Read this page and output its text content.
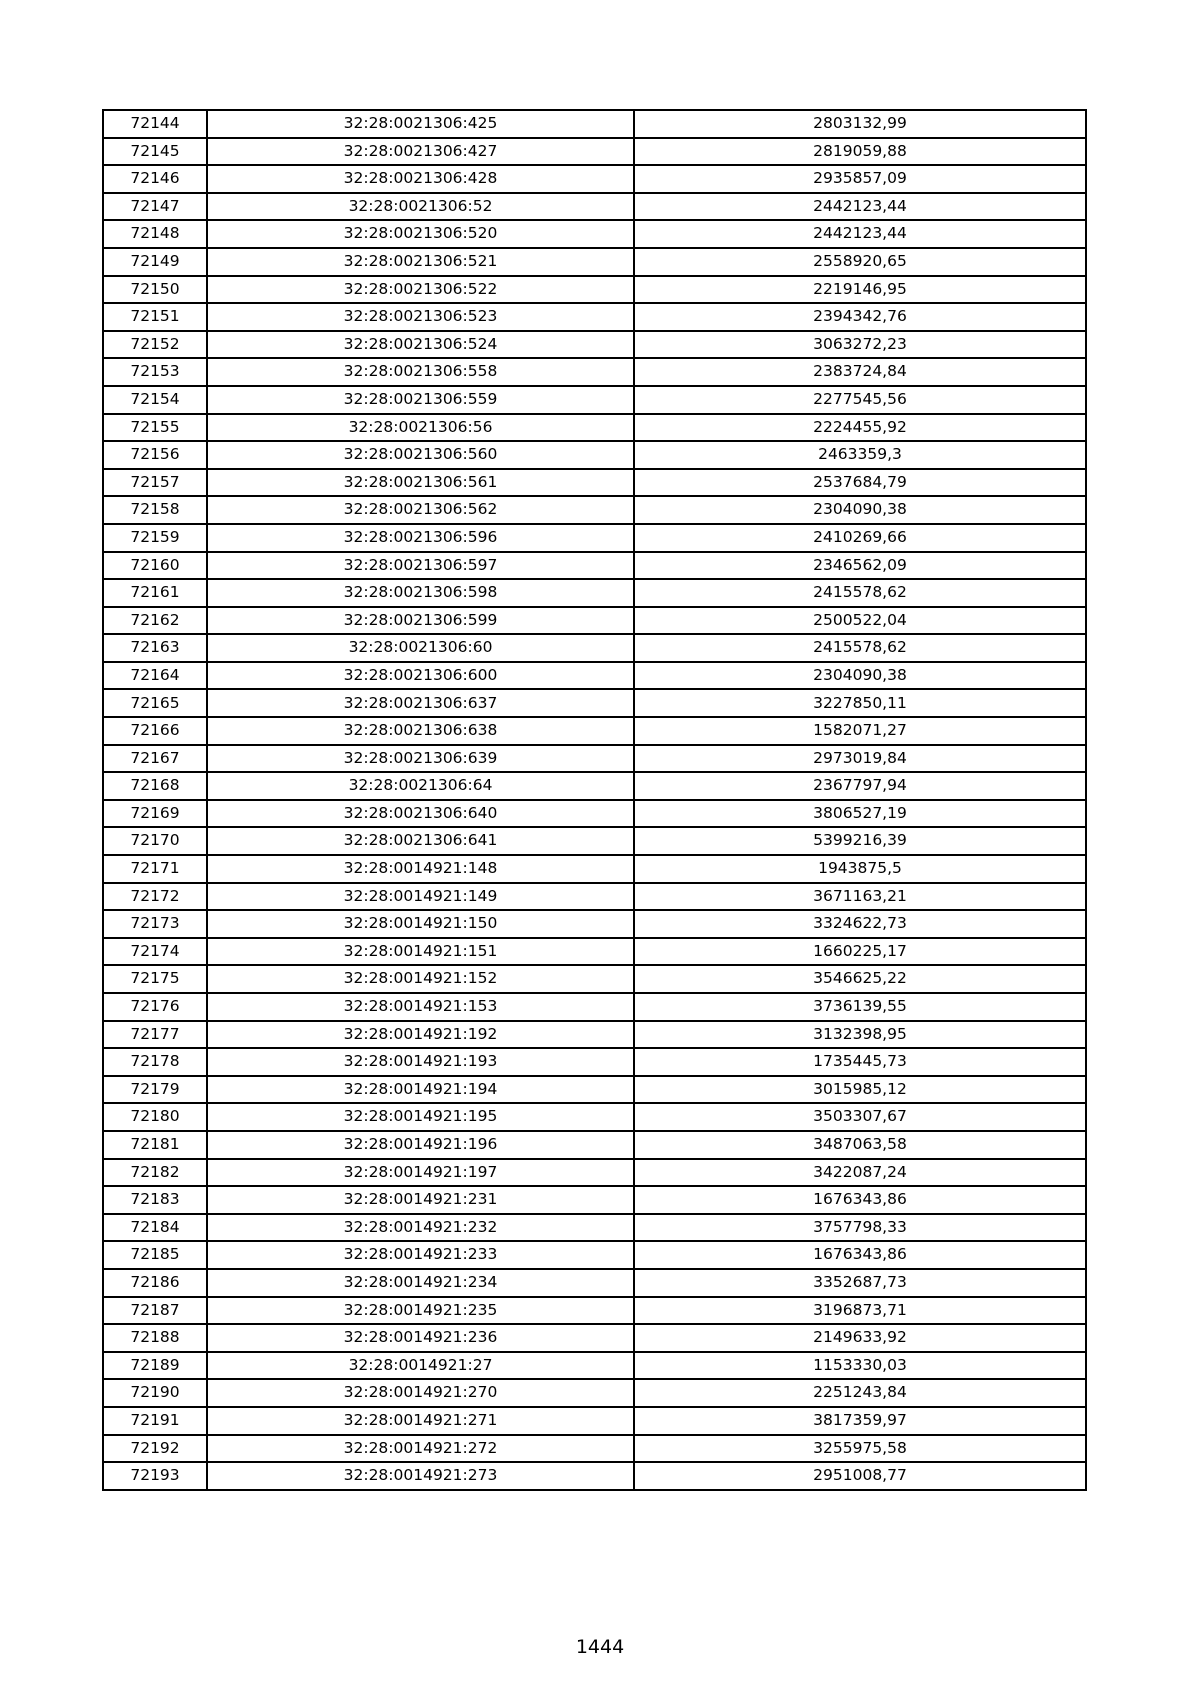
72144	32:28:0021306:425	2803132,99
72145	32:28:0021306:427	2819059,88
72146	32:28:0021306:428	2935857,09
72147	32:28:0021306:52	2442123,44
72148	32:28:0021306:520	2442123,44
72149	32:28:0021306:521	2558920,65
72150	32:28:0021306:522	2219146,95
72151	32:28:0021306:523	2394342,76
72152	32:28:0021306:524	3063272,23
72153	32:28:0021306:558	2383724,84
72154	32:28:0021306:559	2277545,56
72155	32:28:0021306:56	2224455,92
72156	32:28:0021306:560	2463359,3
72157	32:28:0021306:561	2537684,79
72158	32:28:0021306:562	2304090,38
72159	32:28:0021306:596	2410269,66
72160	32:28:0021306:597	2346562,09
72161	32:28:0021306:598	2415578,62
72162	32:28:0021306:599	2500522,04
72163	32:28:0021306:60	2415578,62
72164	32:28:0021306:600	2304090,38
72165	32:28:0021306:637	3227850,11
72166	32:28:0021306:638	1582071,27
72167	32:28:0021306:639	2973019,84
72168	32:28:0021306:64	2367797,94
72169	32:28:0021306:640	3806527,19
72170	32:28:0021306:641	5399216,39
72171	32:28:0014921:148	1943875,5
72172	32:28:0014921:149	3671163,21
72173	32:28:0014921:150	3324622,73
72174	32:28:0014921:151	1660225,17
72175	32:28:0014921:152	3546625,22
72176	32:28:0014921:153	3736139,55
72177	32:28:0014921:192	3132398,95
72178	32:28:0014921:193	1735445,73
72179	32:28:0014921:194	3015985,12
72180	32:28:0014921:195	3503307,67
72181	32:28:0014921:196	3487063,58
72182	32:28:0014921:197	3422087,24
72183	32:28:0014921:231	1676343,86
72184	32:28:0014921:232	3757798,33
72185	32:28:0014921:233	1676343,86
72186	32:28:0014921:234	3352687,73
72187	32:28:0014921:235	3196873,71
72188	32:28:0014921:236	2149633,92
72189	32:28:0014921:27	1153330,03
72190	32:28:0014921:270	2251243,84
72191	32:28:0014921:271	3817359,97
72192	32:28:0014921:272	3255975,58
72193	32:28:0014921:273	2951008,77
1444
